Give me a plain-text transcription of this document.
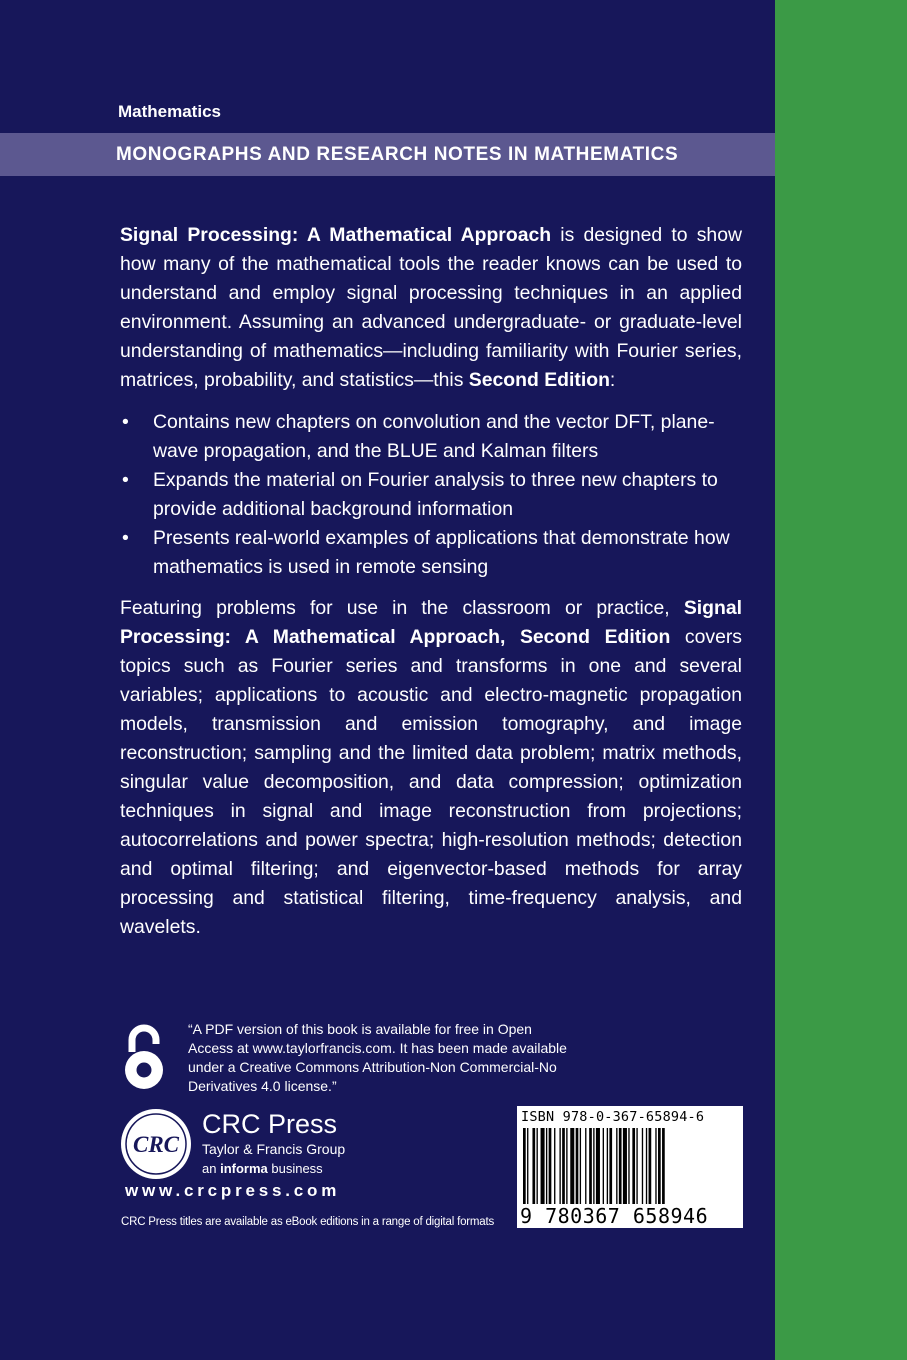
Mathematics
MONOGRAPHS AND RESEARCH NOTES IN MATHEMATICS

Signal Processing: A Mathematical Approach is designed to show how many of the mathematical tools the reader knows can be used to understand and employ signal processing techniques in an applied environment. Assuming an advanced undergraduate- or graduate-level understanding of mathematics—including familiarity with Fourier series, matrices, probability, and statistics—this Second Edition:

• Contains new chapters on convolution and the vector DFT, plane-wave propagation, and the BLUE and Kalman filters
• Expands the material on Fourier analysis to three new chapters to provide additional background information
• Presents real-world examples of applications that demonstrate how mathematics is used in remote sensing

Featuring problems for use in the classroom or practice, Signal Processing: A Mathematical Approach, Second Edition covers topics such as Fourier series and transforms in one and several variables; applications to acoustic and electro-magnetic propagation models, transmission and emission tomography, and image reconstruction; sampling and the limited data problem; matrix methods, singular value decomposition, and data compression; optimization techniques in signal and image reconstruction from projections; autocorrelations and power spectra; high-resolution methods; detection and optimal filtering; and eigenvector-based methods for array processing and statistical filtering, time-frequency analysis, and wavelets.

“A PDF version of this book is available for free in Open Access at www.taylorfrancis.com. It has been made available under a Creative Commons Attribution-Non Commercial-No Derivatives 4.0 license.”
CRC
CRC Press
Taylor & Francis Group
an informa business
www.crcpress.com
CRC Press titles are available as eBook editions in a range of digital formats
ISBN 978-0-367-65894-6
9 780367 658946
